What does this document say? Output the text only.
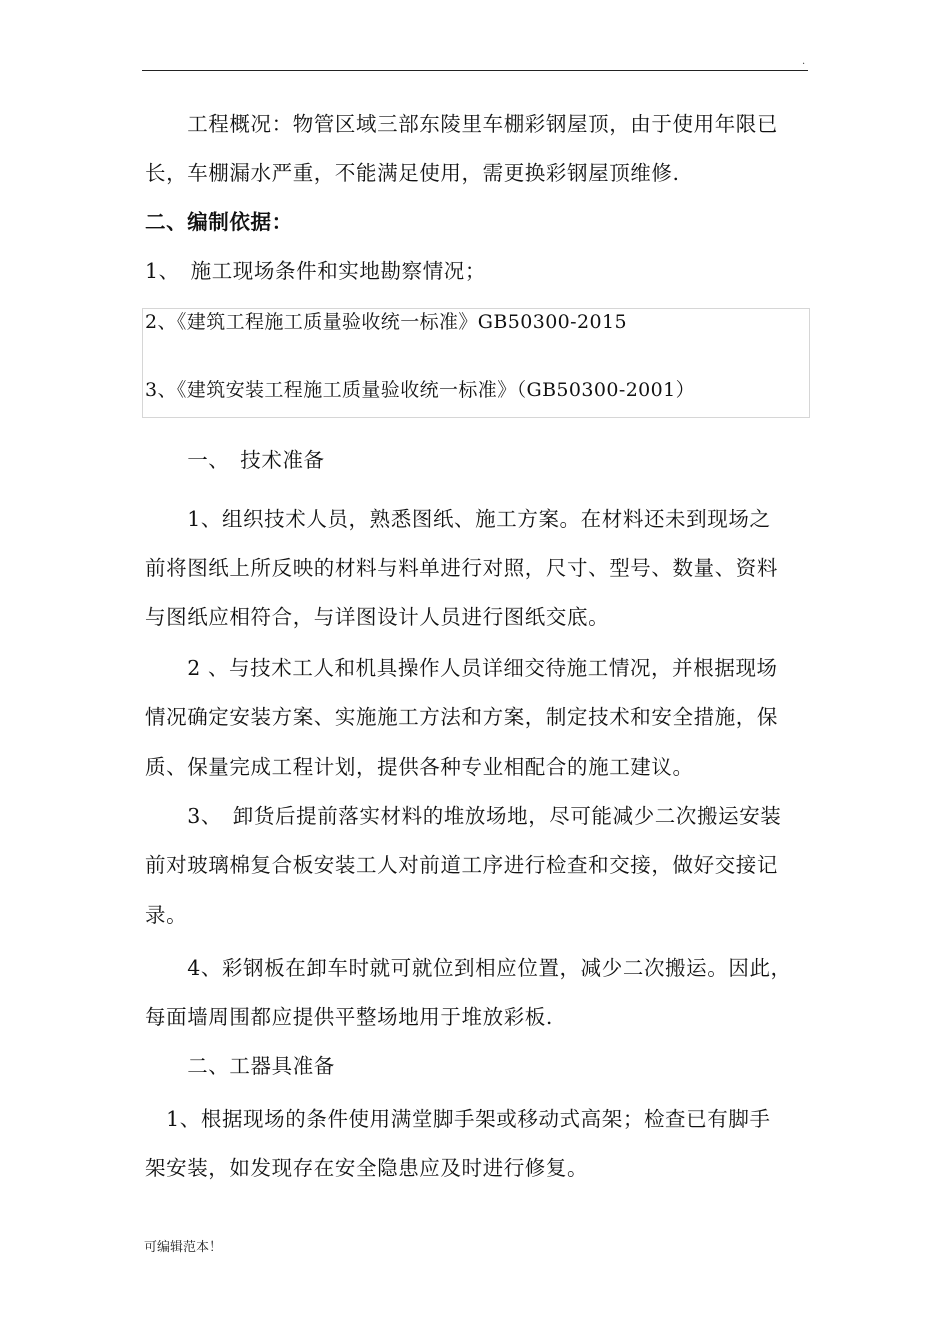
.
　　工程概况：物管区域三部东陵里车棚彩钢屋顶，由于使用年限已
长，车棚漏水严重，不能满足使用，需更换彩钢屋顶维修.
二、编制依据：
1、　施工现场条件和实地勘察情况；
2、《建筑工程施工质量验收统一标准》GB50300-2015
3、《建筑安装工程施工质量验收统一标准》（GB50300-2001）
　　一、　技术准备
　　1、组织技术人员，熟悉图纸、施工方案。在材料还未到现场之
前将图纸上所反映的材料与料单进行对照，尺寸、型号、数量、资料
与图纸应相符合，与详图设计人员进行图纸交底。
　　2 、与技术工人和机具操作人员详细交待施工情况，并根据现场
情况确定安装方案、实施施工方法和方案，制定技术和安全措施，保
质、保量完成工程计划，提供各种专业相配合的施工建议。
　　3、　卸货后提前落实材料的堆放场地，尽可能减少二次搬运安装
前对玻璃棉复合板安装工人对前道工序进行检查和交接，做好交接记
录。
　　4、彩钢板在卸车时就可就位到相应位置，减少二次搬运。因此，
每面墙周围都应提供平整场地用于堆放彩板.
　　二、工器具准备
　1、根据现场的条件使用满堂脚手架或移动式高架；检查已有脚手
架安装，如发现存在安全隐患应及时进行修复。
可编辑范本！
